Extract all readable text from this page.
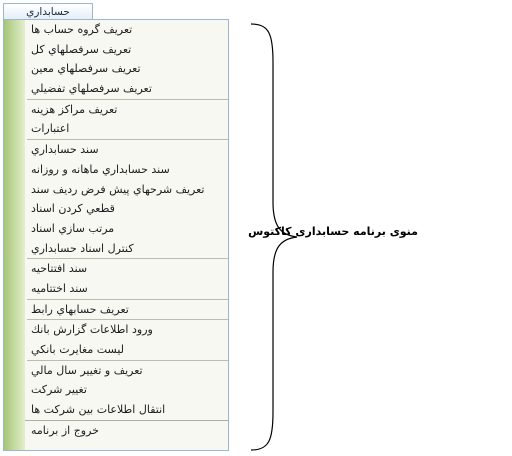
حسابداري
تعريف گروه حساب ها
تعريف سرفصلهاي كل
تعريف سرفصلهاي معين
تعريف سرفصلهاي تفضيلي
تعريف مراكز هزينه
اعتبارات
سند حسابداري
سند حسابداري ماهانه و روزانه
تعريف شرحهاي پيش فرض رديف سند
قطعي كردن اسناد
مرتب سازي اسناد
كنترل اسناد حسابداري
سند افتتاحيه
سند اختتاميه
تعريف حسابهاي رابط
ورود اطلاعات گزارش بانك
ليست مغايرت بانكي
تعريف و تغيير سال مالي
تغيير شركت
انتقال اطلاعات بين شركت ها
خروج از برنامه
منوی برنامه حسابداری کاکتوس
